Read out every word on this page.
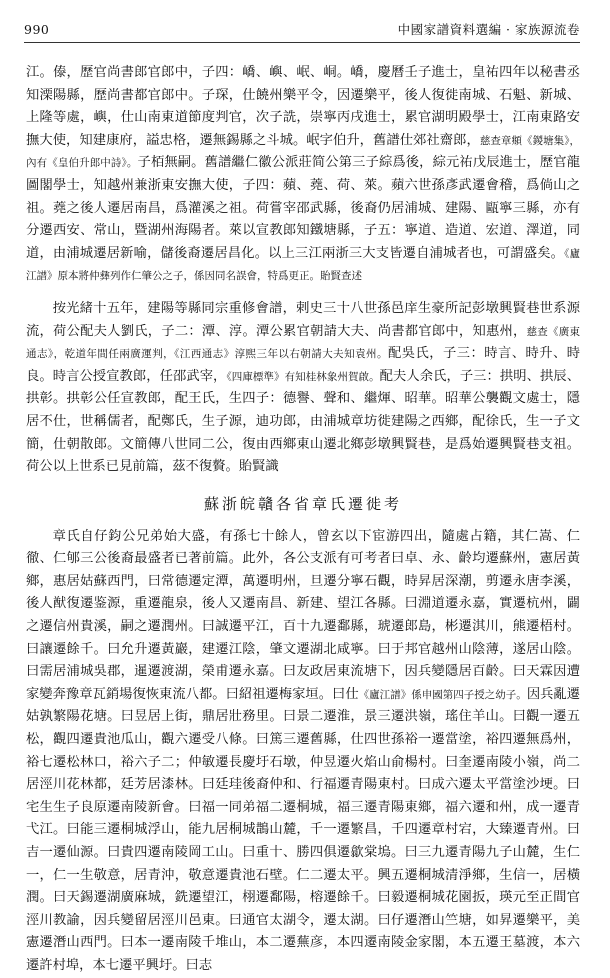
990	中國家譜資料選編 · 家族源流卷

江。傣，歷官尚書郎官郎中，子四：嶠、嶼、岷、峒。嶠，慶曆壬子進士，皇祐四年以秘書丞知溧陽縣，歷尚書都官郎中。子琛，仕饒州樂平令，因遷樂平，後人復徙南城、石魁、新城、上隆等處，嶼，仕山南東道節度判官，次子詵，崇寧丙戌進士，累官湖明殿學士，江南東路安撫大使，知建康府，謚忠格，遷無錫縣之斗城。岷字伯升，舊譜仕郊社齋郎，慈查章頫《鍐塘集》，內有《皇伯升郎中詩》。子栢無嗣。舊譜繼仁徽公派莊简公第三子綜爲後，綜元祐戊辰進士，歷官龍圖閣學士，知越州兼浙東安撫大使，子四：蘋、蕘、荷、萊。蘋六世孫彥武遷會稽，爲倘山之祖。蕘之後人遷居南昌，爲灌溪之祖。荷嘗宰邵武縣，後裔仍居浦城、建陽、甌寧三縣，亦有分遷西安、常山，暨湖州海陽者。萊以宣教郎知鐵塘縣，子五：寧道、造道、宏道、澤道，同道，由浦城遷居新喻，儲後裔遷居昌化。以上三江兩浙三大支皆遷自浦城者也，可謂盛矣。《廬江譜》原本將仲彝列作仁肇公之子，係因同名誤會，特爲更正。貽賢查述

按光緒十五年，建陽等縣同宗重修會譜，剌史三十八世孫邑庠生豪所記彭墩興賢巷世系源流，荷公配夫人劉氏，子二：潭、淳。潭公累官朝請大夫、尚書都官郎中，知惠州，慈查《廣東通志》，乾道年間任兩廣運判，《江西通志》淳熙三年以右朝請大夫知袁州。配吳氏，子三：時言、時升、時良。時言公授宣教郎，任邵武宰，《四庫標準》有知桂林象州賀啟。配夫人余氏，子三：拱明、拱辰、拱彰。拱彰公任宣教郎，配王氏，生四子：德譽、聲和、繼煇、昭華。昭華公襲觀文處士，隱居不仕，世稱儒者，配鄭氏，生子源，迪功郎，由浦城章坊徙建陽之西鄉，配徐氏，生一子文簡，仕朝散郎。文簡傳八世同二公，復由西鄉東山遷北鄉彭墩興賢巷，是爲始遷興賢巷支祖。荷公以上世系已見前篇，茲不復贅。貽賢識

蘇浙皖贛各省章氏遷徙考

章氏自仔鈞公兄弟始大盛，有孫七十餘人，曾玄以下宦游四出，隨處占籍，其仁嵩、仁徹、仁郇三公後裔最盛者已著前篇。此外，各公支派有可考者曰卓、永、齡均遷蘇州，憲居黃鄉，惠居姑蘇西門，曰常德遷定潭，萬遷明州，旦遷分寧石觀，時昇居深潮，剪遷永唐李溪，後人猷復遷鉴源，重遷龍泉，後人又遷南昌、新建、望江各縣。曰淵道遷永嘉，實遷杭州，闢之遷信州貴溪，嗣之遷潤州。曰誠遷平江，百十九遷鄱縣，琥遷郎島，彬遷淇川，熊遷梧村。曰讓遷餘千。曰允升遷黃巖，建遷江陰，肇文遷湖北咸寧。曰于邦官越州山陰薄，遂居山陰。曰需居浦城吳郡，暹遷渡湖，榮甫遷永嘉。曰友政居東流塘下，因兵變隱居百齡。曰天霖因遭家變奔豫章瓦銷場復恢東流八都。曰紹祖遷梅家垣。曰仕《廬江譜》係申國第四子授之幼子。因兵亂遷姑孰繁陽花塘。曰昱居上街，鼎居壯務里。曰景二遷淮，景三遷洪嶺，瑤住羊山。曰觀一遷五松，觀四遷貴池瓜山，觀六遷受八條。曰篤三遷舊縣，仕四世孫裕一遷當塗，裕四遷無爲州，裕七遷松林口，裕六子二；仲敏遷長慶圩石墩，仲昱遷火焰山俞楊村。曰奎遷南陵小嶺，尚二居涇川花林都，廷芳居漆林。曰廷珪後裔仲和、行福遷青陽東村。曰成六遷太平當塗沙埂。曰宅生生子良原遷南陵新會。曰福一同弟福二遷桐城，福三遷青陽東鄉，福六遷和州，成一遷青弋江。曰能三遷桐城浮山，能九居桐城鵲山麓，千一遷繁昌，千四遷章村宕，大臻遷青州。曰吉一遷仙源。曰貴四遷南陵岡工山。曰重十、勝四俱遷歙棠塢。曰三九遷青陽九子山麓，生仁一，仁一生敬意，居青沖，敬意遷貴池石壁。仁二遷太平。興五遷桐城清淨鄉，生信一，居橫潤。曰天錫遷湖廣麻城，銑遷望江，栩遷鄱陽，榕遷餘千。曰毅遷桐城花園扳，瑛元至正間官涇川教諭，因兵變留居涇川邑東。曰通官太湖令，遷太湖。曰仔遷潛山竺塘，如昇遷樂平，美憲遷潛山西門。曰本一遷南陵千堆山，本二遷蕪彦，本四遷南陵金家閣，本五遷王墓渡，本六遷許村埠，本七遷平興圩。曰志
